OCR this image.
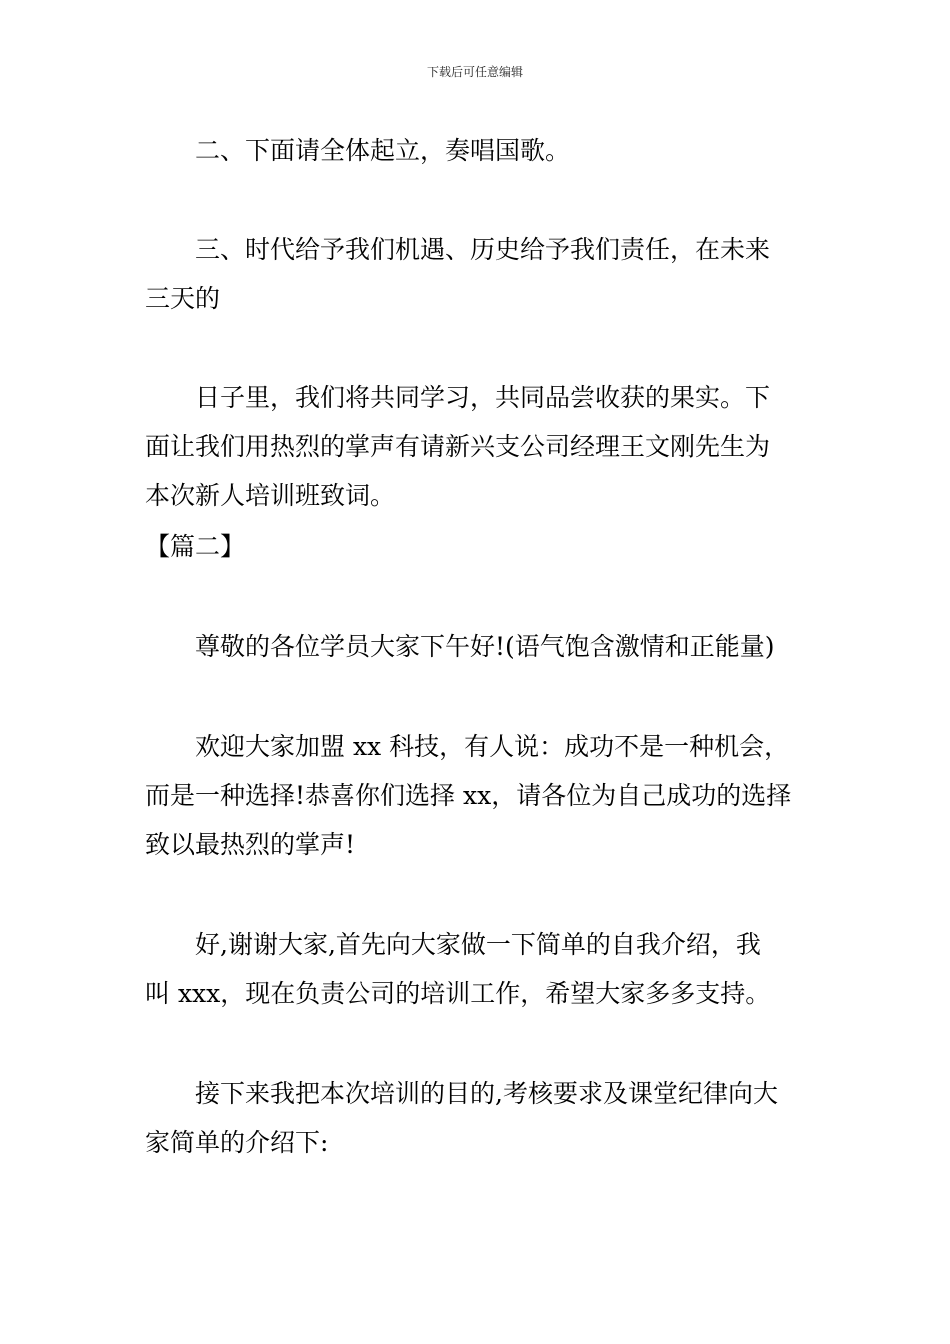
下载后可任意编辑
二、下面请全体起立，奏唱国歌。
三、时代给予我们机遇、历史给予我们责任，在未来
三天的
日子里，我们将共同学习，共同品尝收获的果实。下
面让我们用热烈的掌声有请新兴支公司经理王文刚先生为
本次新人培训班致词。
【篇二】
尊敬的各位学员大家下午好!(语气饱含激情和正能量)
欢迎大家加盟 xx 科技，有人说：成功不是一种机会，
而是一种选择!恭喜你们选择 xx，请各位为自己成功的选择
致以最热烈的掌声!
好,谢谢大家,首先向大家做一下简单的自我介绍，我
叫 xxx，现在负责公司的培训工作，希望大家多多支持。
接下来我把本次培训的目的,考核要求及课堂纪律向大
家简单的介绍下:
